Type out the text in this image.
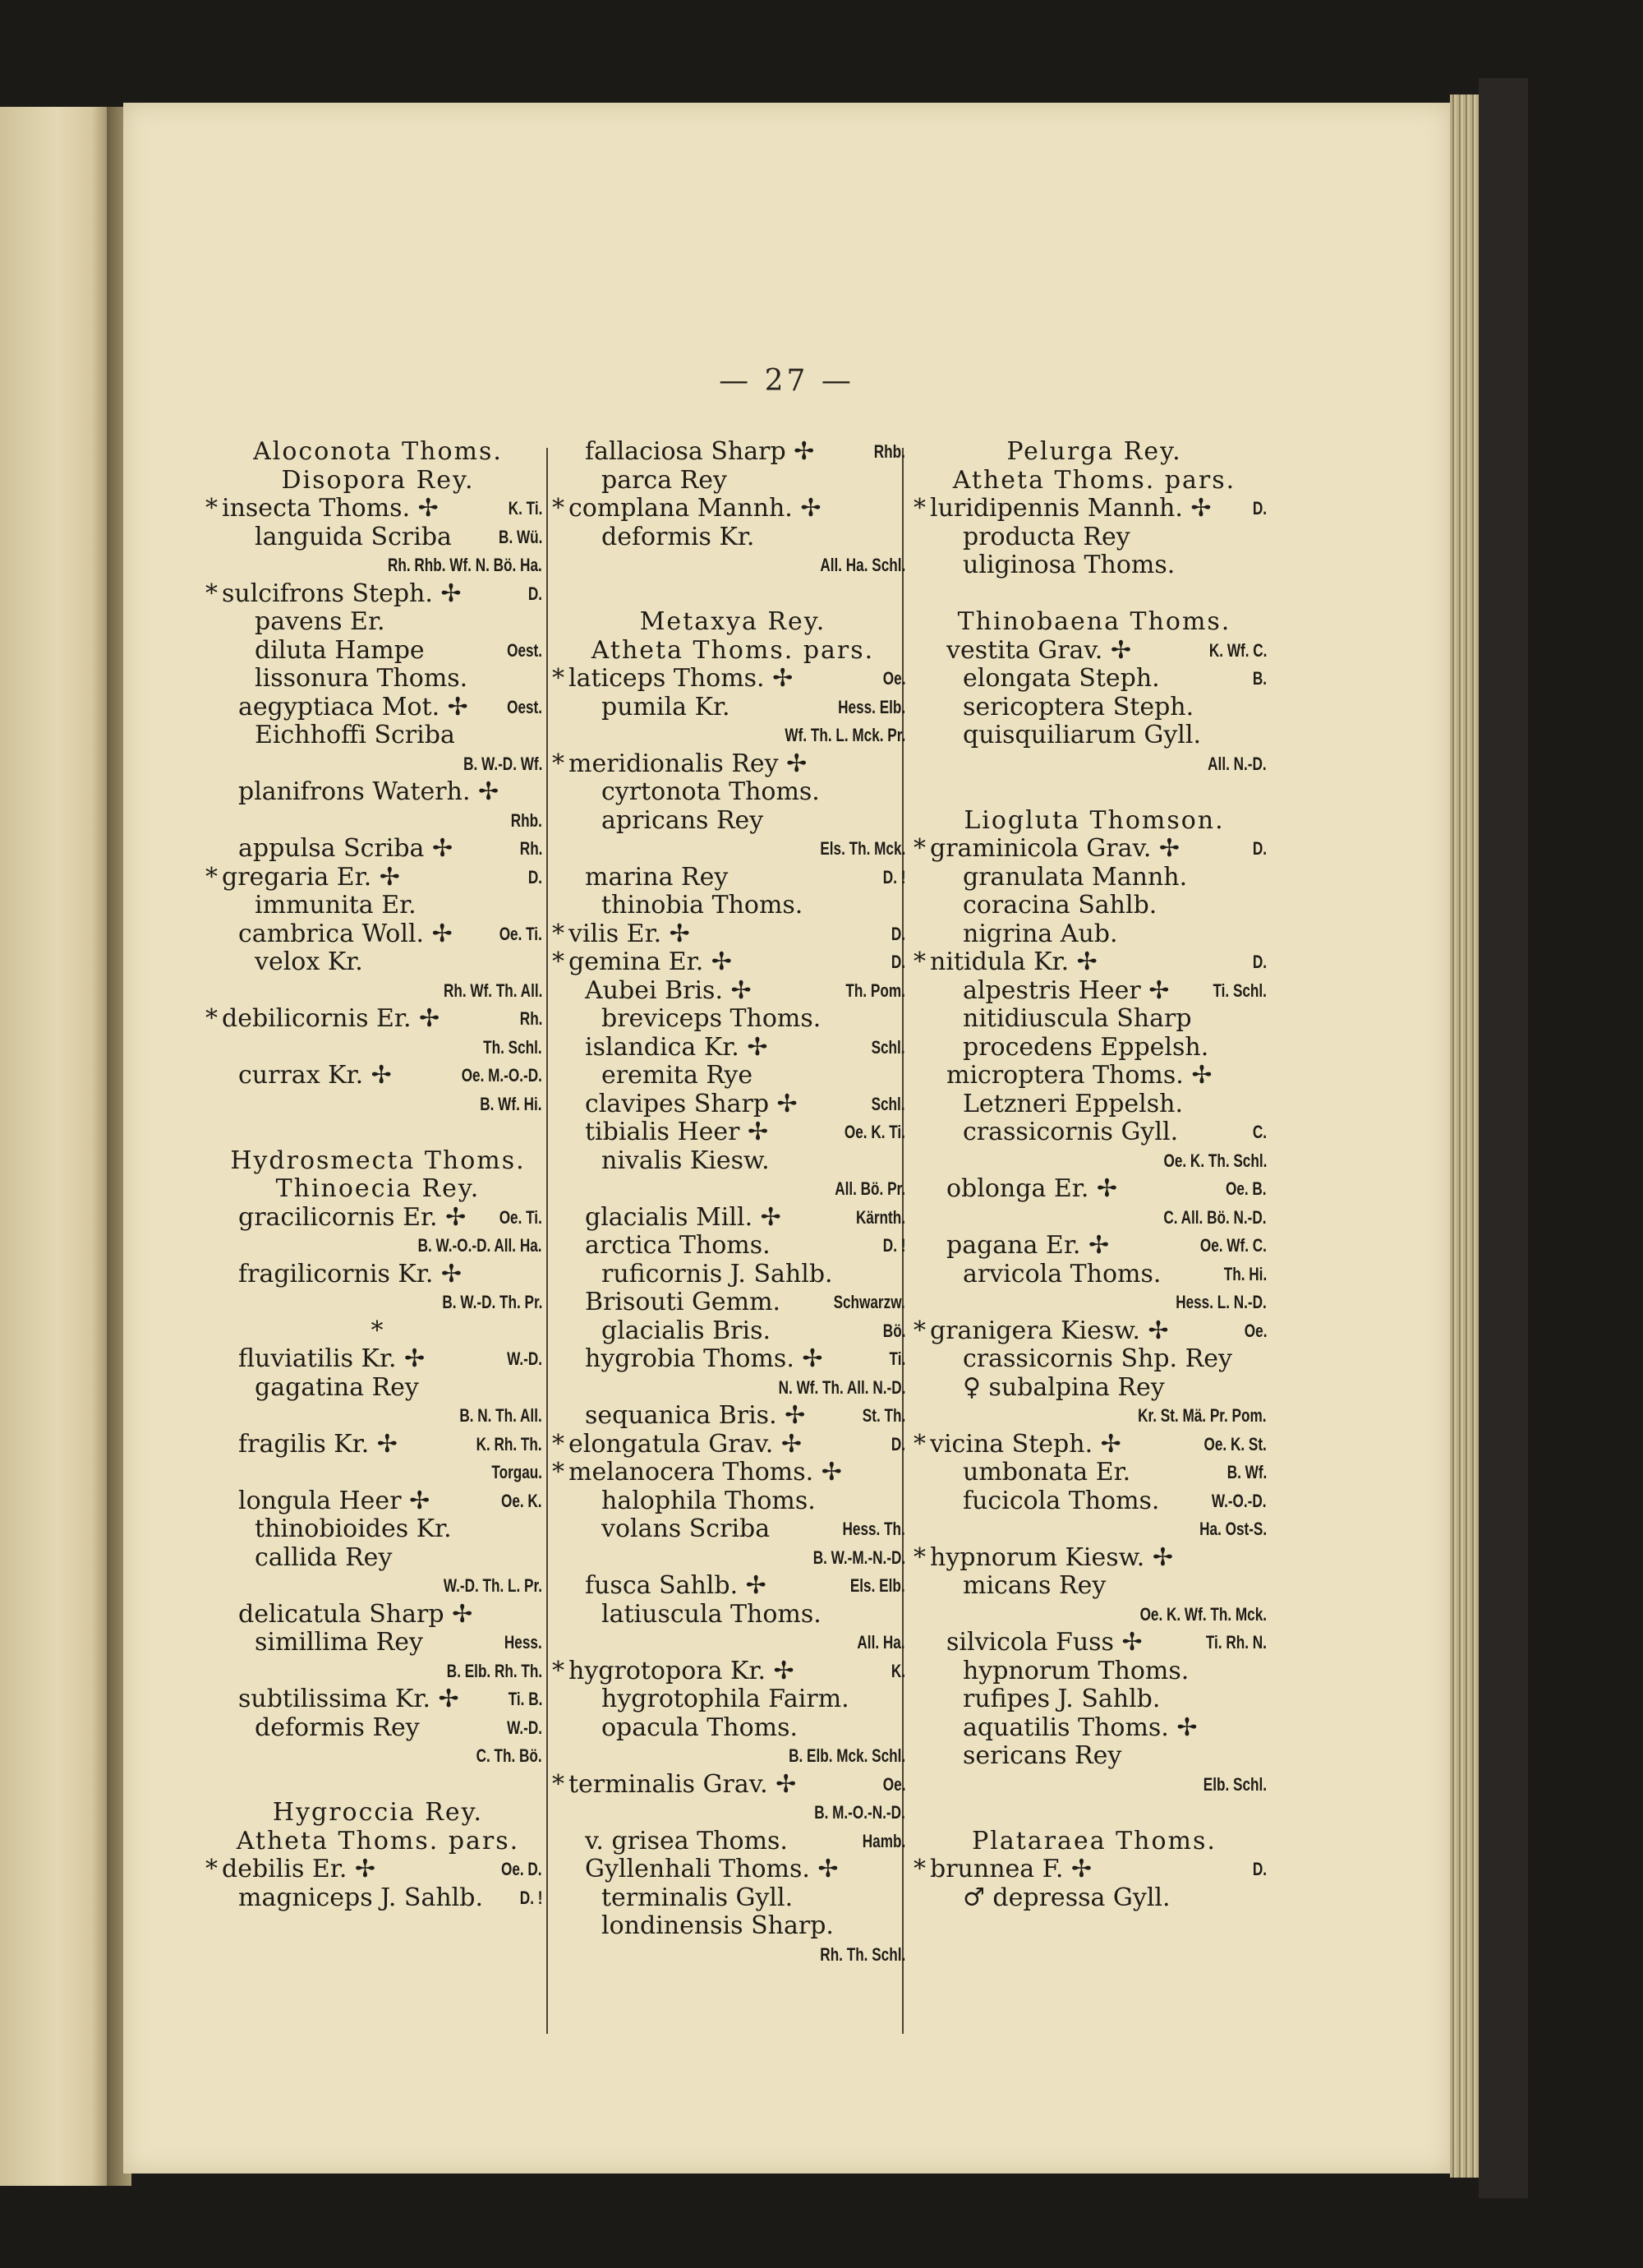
— 27 —
Aloconota Thoms.
Disopora Rey.
* insecta Thoms. ✢	K. Ti.
languida Scriba	B. Wü.
Rh. Rhb. Wf. N. Bö. Ha.
* sulcifrons Steph. ✢	D.
pavens Er.
diluta Hampe	Oest.
lissonura Thoms.
aegyptiaca Mot. ✢ Oest.
Eichhoffi Scriba
B. W.-D. Wf.
planifrons Waterh. ✢
Rhb.
appulsa Scriba ✢	Rh.
* gregaria Er. ✢	D.
immunita Er.
cambrica Woll. ✢	Oe. Ti.
velox Kr.
Rh. Wf. Th. All.
* debilicornis Er. ✢	Rh.
Th. Schl.
currax Kr. ✢	Oe. M.-O.-D.
B. Wf. Hi.
Hydrosmecta Thoms.
Thinoecia Rey.
gracilicornis Er. ✢ Oe. Ti.
B. W.-O.-D. All. Ha.
fragilicornis Kr. ✢
B. W.-D. Th. Pr.
*
fluviatilis Kr. ✢	W.-D.
gagatina Rey
B. N. Th. All.
fragilis Kr. ✢	K. Rh. Th.
Torgau.
longula Heer ✢	Oe. K.
thinobioides Kr.
callida Rey
W.-D. Th. L. Pr.
delicatula Sharp ✢
simillima Rey	Hess.
B. Elb. Rh. Th.
subtilissima Kr. ✢	Ti. B.
deformis Rey	W.-D.
C. Th. Bö.
Hygroccia Rey.
Atheta Thoms. pars.
* debilis Er. ✢	Oe. D.
magniceps J. Sahlb. D. !
fallaciosa Sharp ✢	Rhb.
parca Rey
* complana Mannh. ✢
deformis Kr.
All. Ha. Schl.
Metaxya Rey.
Atheta Thoms. pars.
* laticeps Thoms. ✢	Oe.
pumila Kr.	Hess. Elb.
Wf. Th. L. Mck. Pr.
* meridionalis Rey ✢
cyrtonota Thoms.
apricans Rey
Els. Th. Mck.
marina Rey	D. !
thinobia Thoms.
* vilis Er. ✢	D.
* gemina Er. ✢	D.
Aubei Bris. ✢	Th. Pom.
breviceps Thoms.
islandica Kr. ✢	Schl.
eremita Rye
clavipes Sharp ✢	Schl.
tibialis Heer ✢	Oe. K. Ti.
nivalis Kiesw.
All. Bö. Pr.
glacialis Mill. ✢	Kärnth.
arctica Thoms.	D. !
ruficornis J. Sahlb.
Brisouti Gemm.	Schwarzw.
glacialis Bris.	Bö.
hygrobia Thoms. ✢	Ti.
N. Wf. Th. All. N.-D.
sequanica Bris. ✢	St. Th.
* elongatula Grav. ✢	D.
* melanocera Thoms. ✢
halophila Thoms.
volans Scriba	Hess. Th.
B. W.-M.-N.-D.
fusca Sahlb. ✢	Els. Elb.
latiuscula Thoms.
All. Ha.
* hygrotopora Kr. ✢	K.
hygrotophila Fairm.
opacula Thoms.
B. Elb. Mck. Schl.
* terminalis Grav. ✢	Oe.
B. M.-O.-N.-D.
v. grisea Thoms.	Hamb.
Gyllenhali Thoms. ✢
terminalis Gyll.
londinensis Sharp.
Rh. Th. Schl.
Pelurga Rey.
Atheta Thoms. pars.
* luridipennis Mannh. ✢ D.
producta Rey
uliginosa Thoms.
Thinobaena Thoms.
vestita Grav. ✢	K. Wf. C.
elongata Steph.	B.
sericoptera Steph.
quisquiliarum Gyll.
All. N.-D.
Liogluta Thomson.
* graminicola Grav. ✢	D.
granulata Mannh.
coracina Sahlb.
nigrina Aub.
* nitidula Kr. ✢	D.
alpestris Heer ✢ Ti. Schl.
nitidiuscula Sharp
procedens Eppelsh.
microptera Thoms. ✢
Letzneri Eppelsh.
crassicornis Gyll.	C.
Oe. K. Th. Schl.
oblonga Er. ✢	Oe. B.
C. All. Bö. N.-D.
pagana Er. ✢	Oe. Wf. C.
arvicola Thoms.	Th. Hi.
Hess. L. N.-D.
* granigera Kiesw. ✢	Oe.
crassicornis Shp. Rey
♀ subalpina Rey
Kr. St. Mä. Pr. Pom.
* vicina Steph. ✢	Oe. K. St.
umbonata Er.	B. Wf.
fucicola Thoms.	W.-O.-D.
Ha. Ost-S.
* hypnorum Kiesw. ✢
micans Rey
Oe. K. Wf. Th. Mck.
silvicola Fuss ✢	Ti. Rh. N.
hypnorum Thoms.
rufipes J. Sahlb.
aquatilis Thoms. ✢
sericans Rey
Elb. Schl.
Plataraea Thoms.
* brunnea F. ✢	D.
♂ depressa Gyll.
